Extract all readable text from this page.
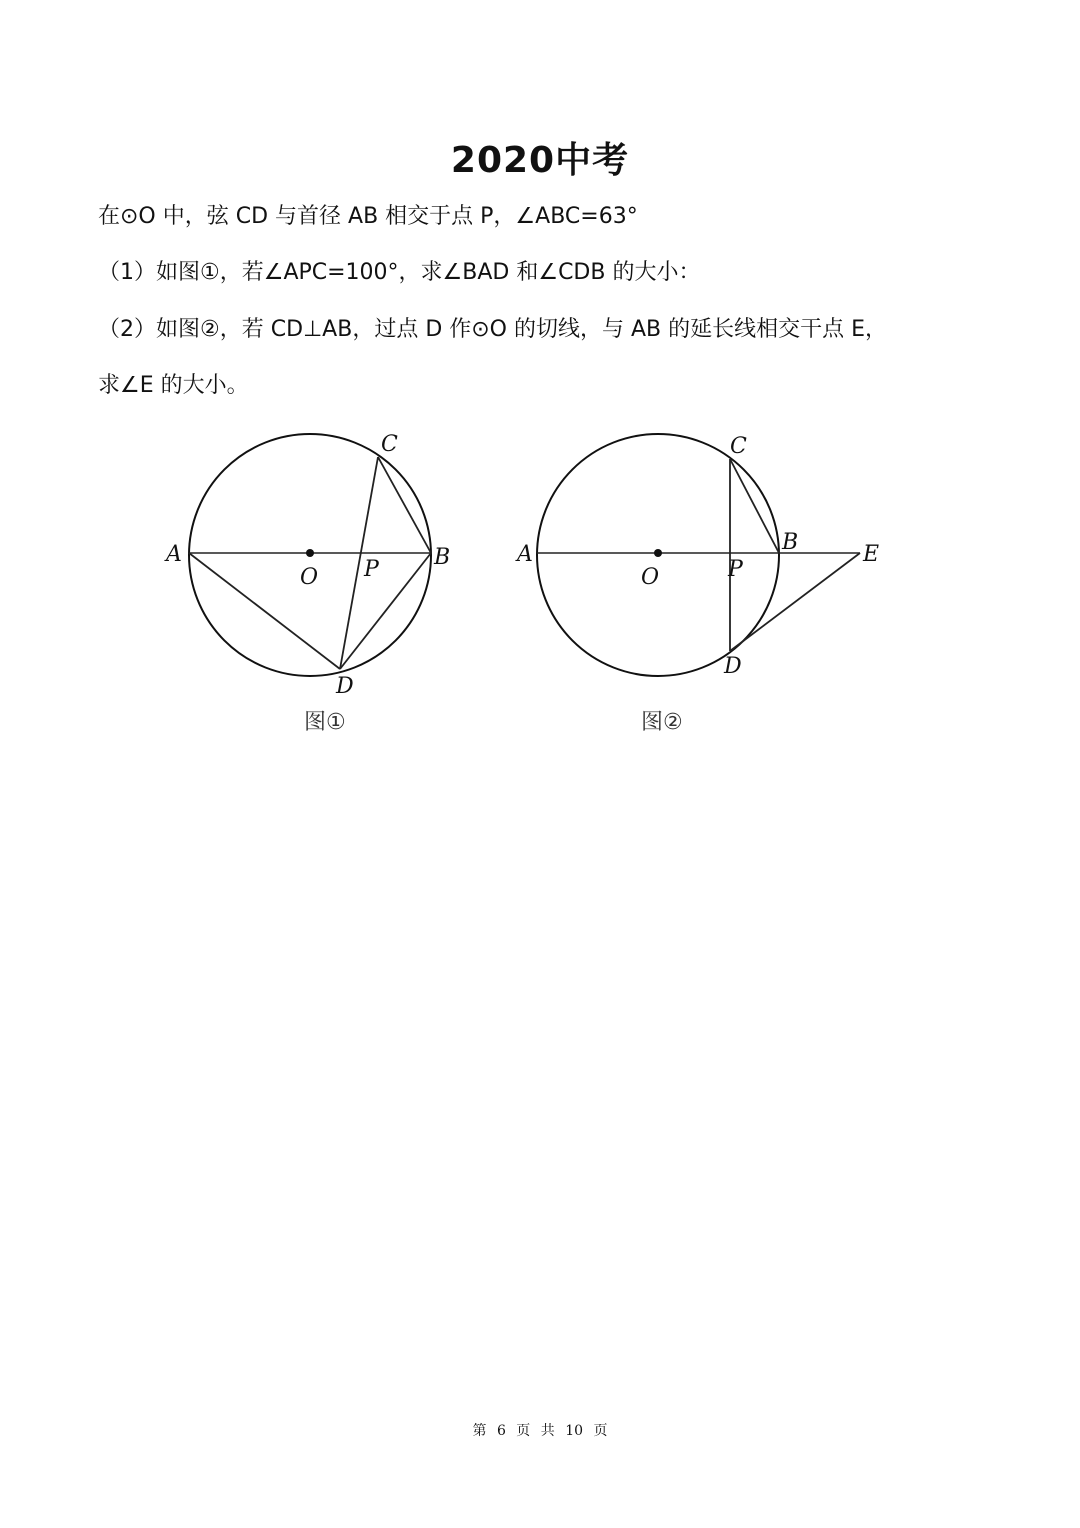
2020中考
在⊙O 中，弦 CD 与首径 AB 相交于点 P，∠ABC=63°
（1）如图①，若∠APC=100°，求∠BAD 和∠CDB 的大小：
（2）如图②，若 CD⊥AB，过点 D 作⊙O 的切线，与 AB 的延长线相交干点 E，
求∠E 的大小。
A	B
C
D
O P
A	B
C
D
O	P
E
图①	图②
第 6 页 共 10 页
